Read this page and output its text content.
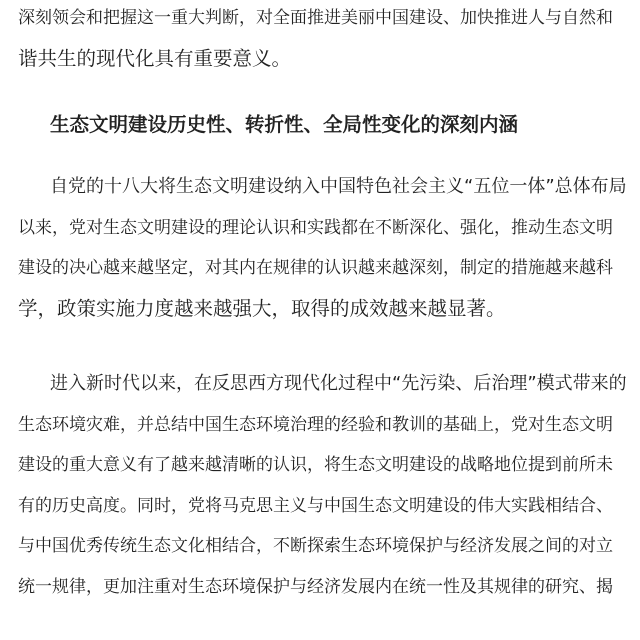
深刻领会和把握这一重大判断，对全面推进美丽中国建设、加快推进人与自然和
谐共生的现代化具有重要意义。
生态文明建设历史性、转折性、全局性变化的深刻内涵
自党的十八大将生态文明建设纳入中国特色社会主义“五位一体”总体布局
以来，党对生态文明建设的理论认识和实践都在不断深化、强化，推动生态文明
建设的决心越来越坚定，对其内在规律的认识越来越深刻，制定的措施越来越科
学，政策实施力度越来越强大，取得的成效越来越显著。
进入新时代以来，在反思西方现代化过程中“先污染、后治理”模式带来的
生态环境灾难，并总结中国生态环境治理的经验和教训的基础上，党对生态文明
建设的重大意义有了越来越清晰的认识，将生态文明建设的战略地位提到前所未
有的历史高度。同时，党将马克思主义与中国生态文明建设的伟大实践相结合、
与中国优秀传统生态文化相结合，不断探索生态环境保护与经济发展之间的对立
统一规律，更加注重对生态环境保护与经济发展内在统一性及其规律的研究、揭
